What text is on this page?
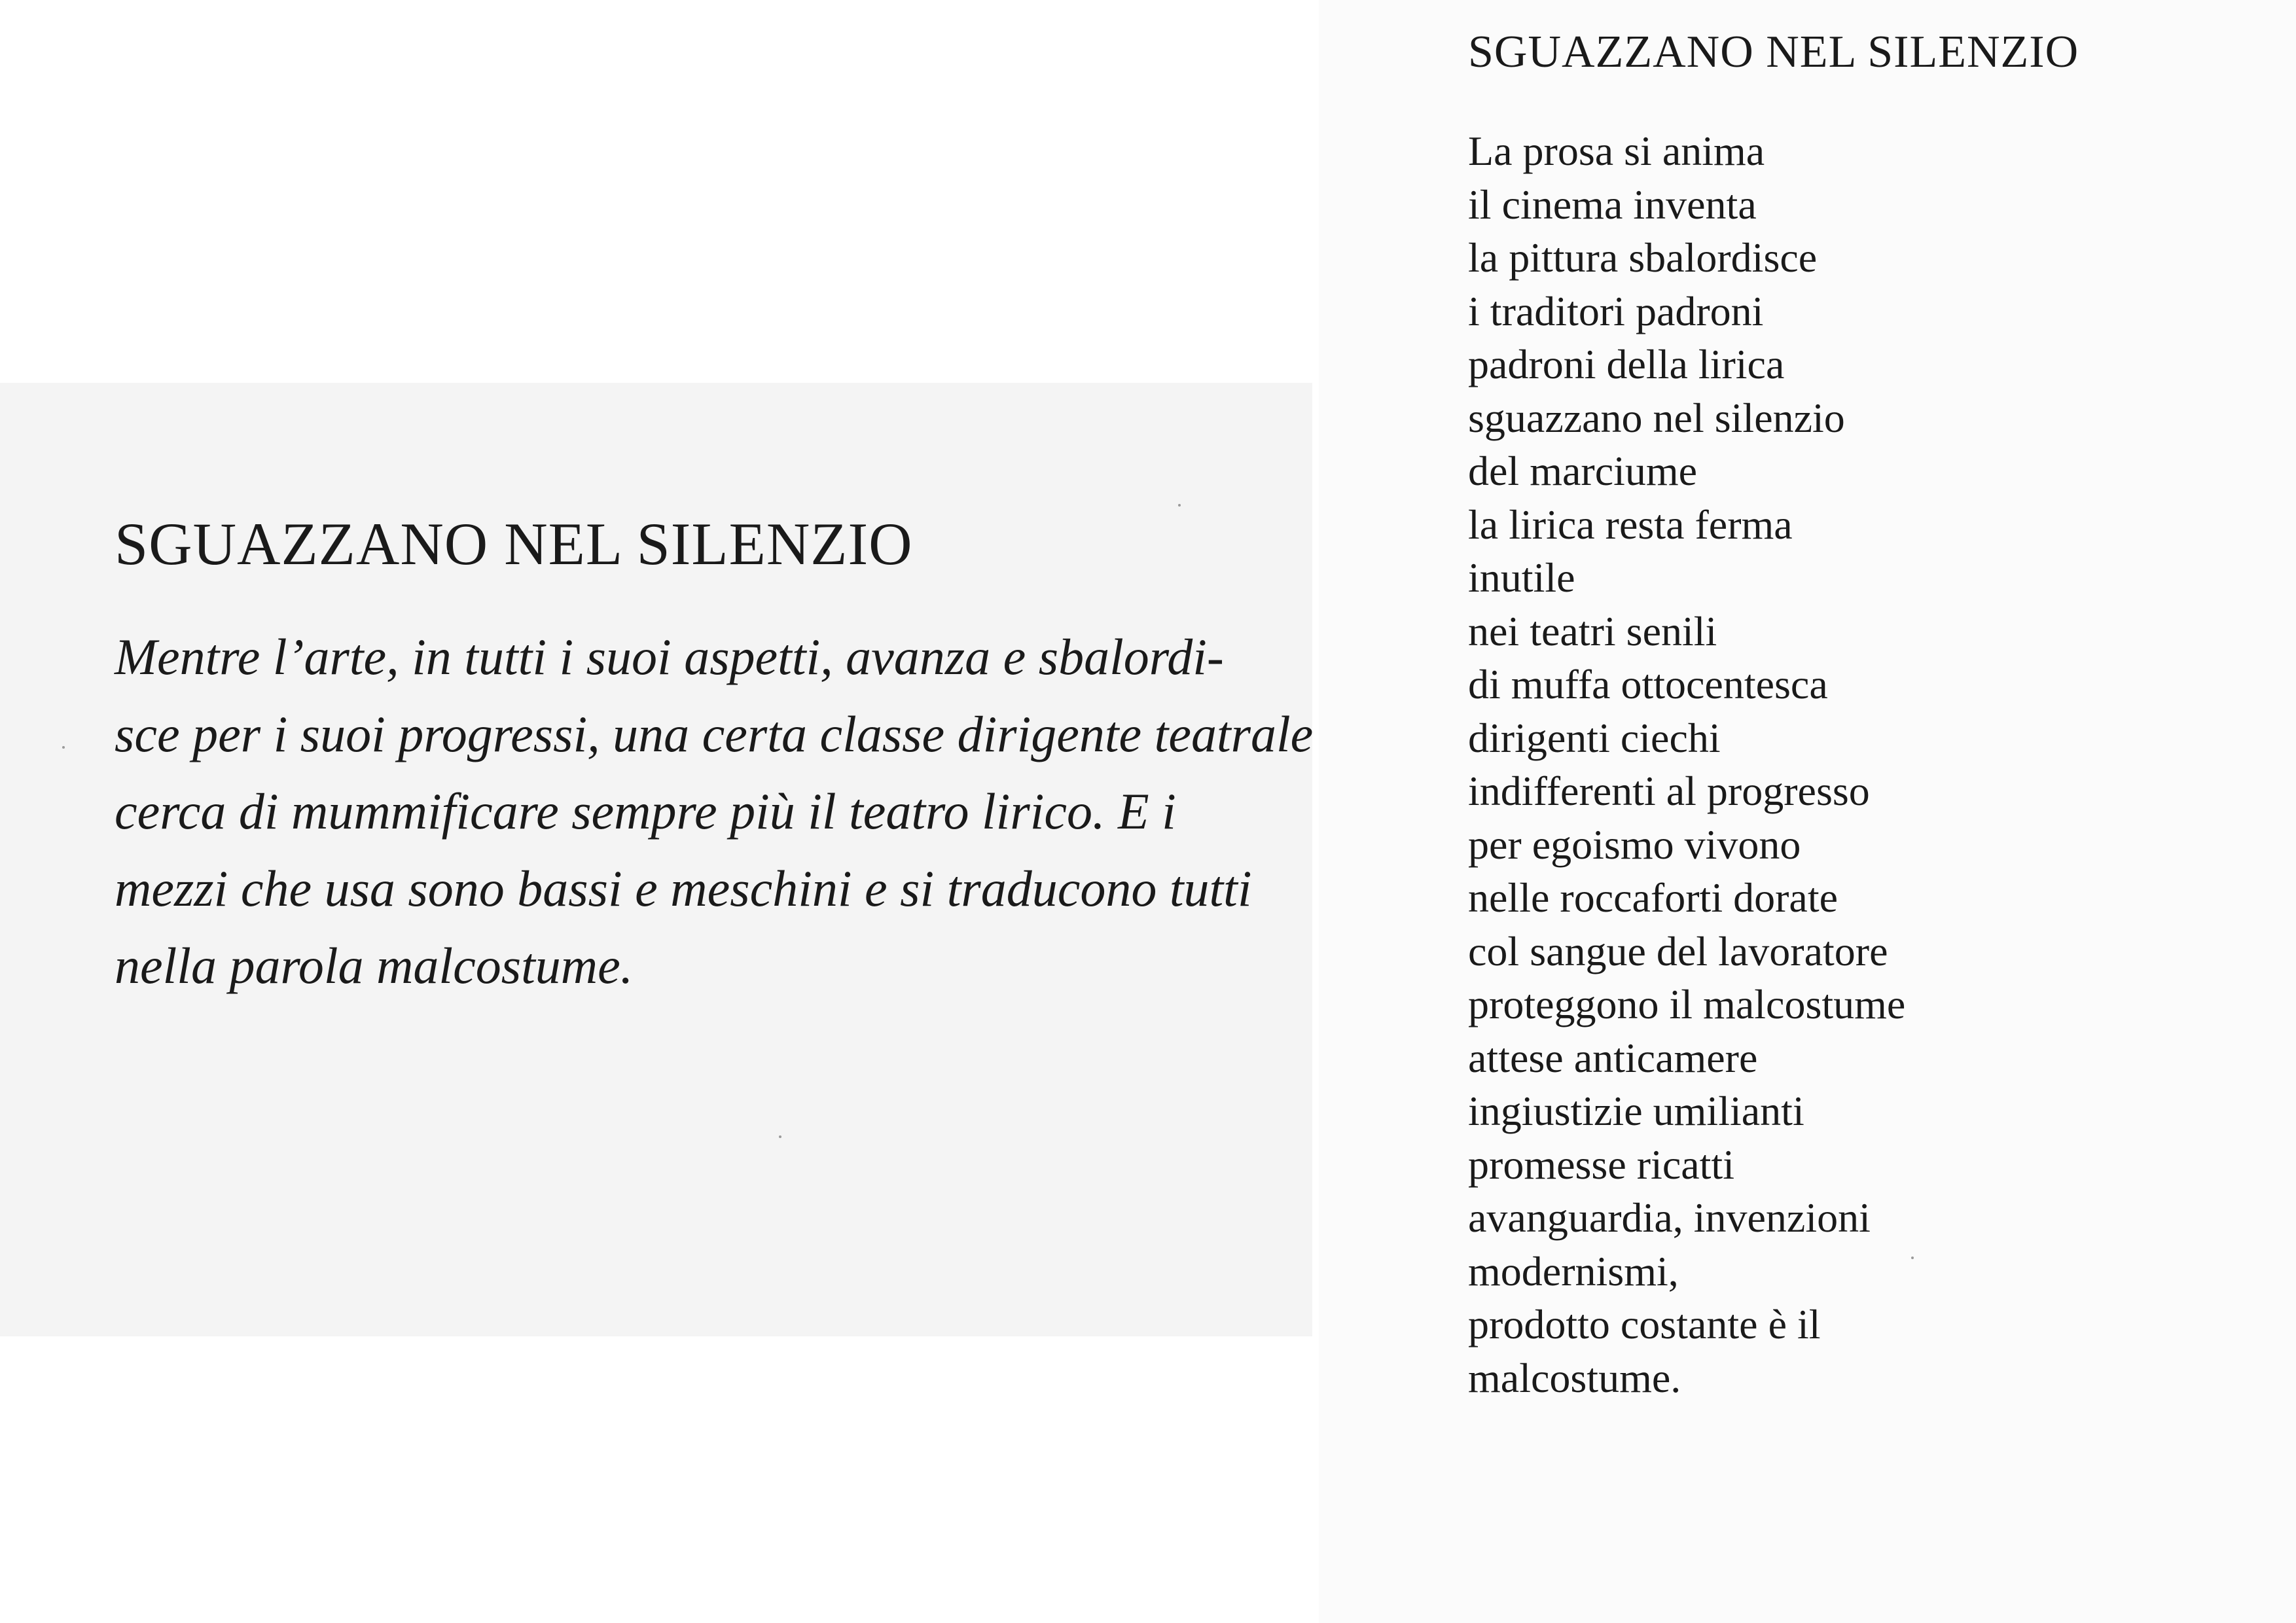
SGUAZZANO NEL SILENZIO
Mentre l’arte, in tutti i suoi aspetti, avanza e sbalordi-
sce per i suoi progressi, una certa classe dirigente teatrale
cerca di mummificare sempre più il teatro lirico. E i
mezzi che usa sono bassi e meschini e si traducono tutti
nella parola malcostume.
SGUAZZANO NEL SILENZIO
La prosa si anima
il cinema inventa
la pittura sbalordisce
i traditori padroni
padroni della lirica
sguazzano nel silenzio
del marciume
la lirica resta ferma
inutile
nei teatri senili
di muffa ottocentesca
dirigenti ciechi
indifferenti al progresso
per egoismo vivono
nelle roccaforti dorate
col sangue del lavoratore
proteggono il malcostume
attese anticamere
ingiustizie umilianti
promesse ricatti
avanguardia, invenzioni
modernismi,
prodotto costante è il
malcostume.
